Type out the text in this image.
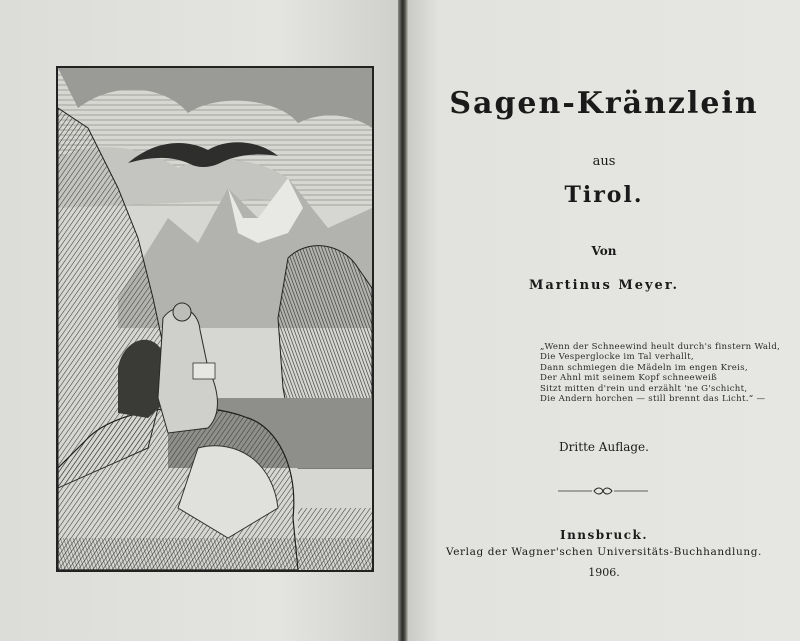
Sagen-Kränzlein
aus
Tirol.
Von
Martinus Meyer.
„Wenn der Schneewind heult durch's finstern Wald,
Die Vesperglocke im Tal verhallt,
Dann schmiegen die Mädeln im engen Kreis,
Der Ahnl mit seinem Kopf schneeweiß
Sitzt mitten d'rein und erzählt 'ne G'schicht,
Die Andern horchen — still brennt das Licht.“ —
Dritte Auflage.
Innsbruck.
Verlag der Wagner'schen Universitäts-Buchhandlung.
1906.
